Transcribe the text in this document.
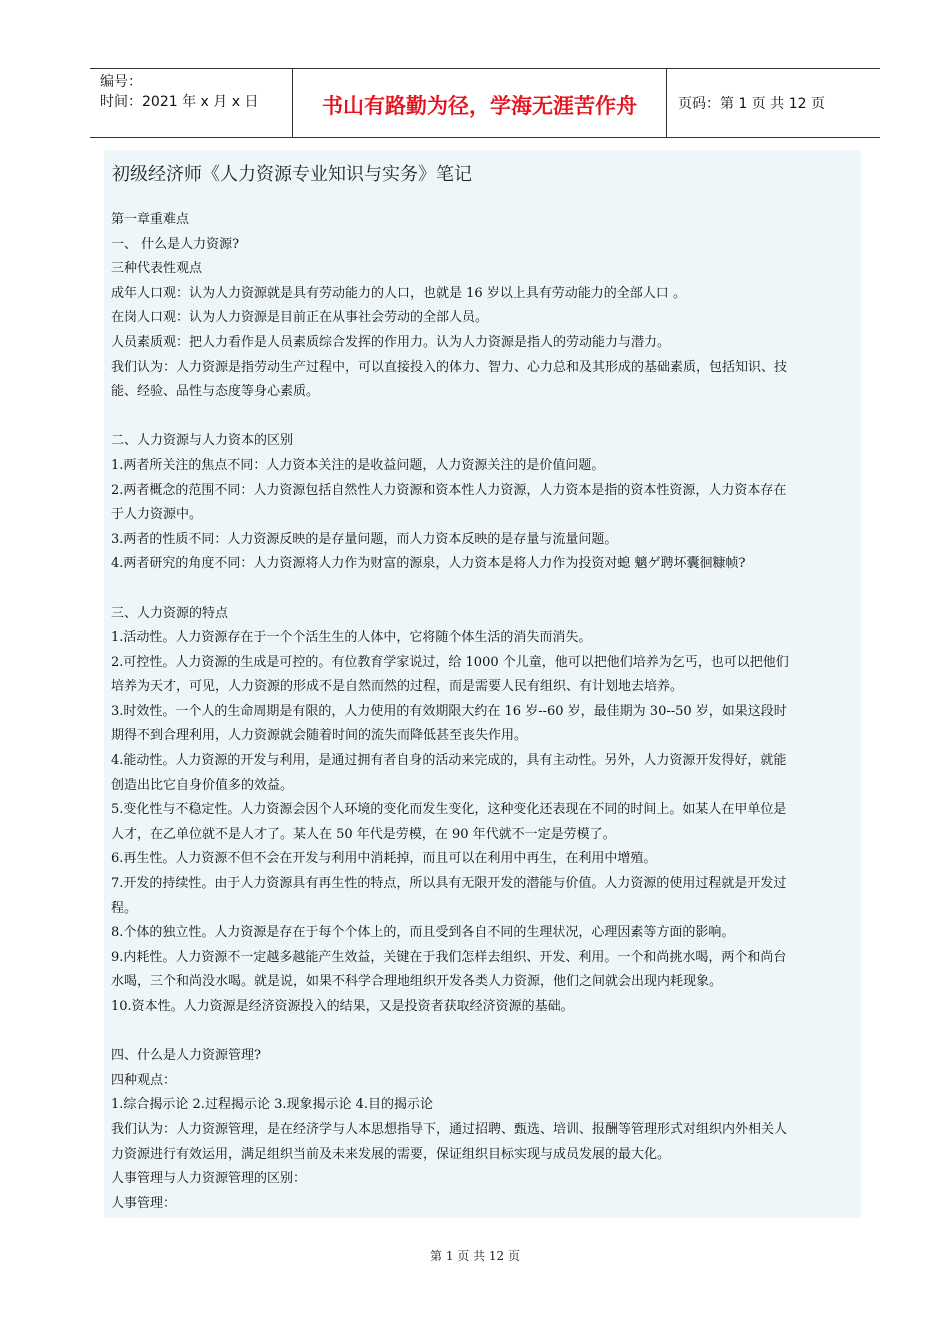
编号：
时间：2021 年 x 月 x 日	书山有路勤为径，学海无涯苦作舟	页码：第 1 页 共 12 页
初级经济师《人力资源专业知识与实务》笔记
第一章重难点
一、 什么是人力资源?
三种代表性观点
成年人口观：认为人力资源就是具有劳动能力的人口，也就是 16 岁以上具有劳动能力的全部人口 。
在岗人口观：认为人力资源是目前正在从事社会劳动的全部人员。
人员素质观：把人力看作是人员素质综合发挥的作用力。认为人力资源是指人的劳动能力与潜力。
我们认为：人力资源是指劳动生产过程中，可以直接投入的体力、智力、心力总和及其形成的基础素质，包括知识、技
能、经验、品性与态度等身心素质。
二、人力资源与人力资本的区别
1.两者所关注的焦点不同：人力资本关注的是收益问题，人力资源关注的是价值问题。
2.两者概念的范围不同：人力资源包括自然性人力资源和资本性人力资源，人力资本是指的资本性资源，人力资本存在
于人力资源中。
3.两者的性质不同：人力资源反映的是存量问题，而人力资本反映的是存量与流量问题。
4.两者研究的角度不同：人力资源将人力作为财富的源泉，人力资本是将人力作为投资对螅 魑ゲ聘坏囊徊糠帧?
三、人力资源的特点
1.活动性。人力资源存在于一个个活生生的人体中，它将随个体生活的消失而消失。
2.可控性。人力资源的生成是可控的。有位教育学家说过，给 1000 个儿童，他可以把他们培养为乞丐，也可以把他们
培养为天才，可见，人力资源的形成不是自然而然的过程，而是需要人民有组织、有计划地去培养。
3.时效性。一个人的生命周期是有限的，人力使用的有效期限大约在 16 岁--60 岁，最佳期为 30--50 岁，如果这段时
期得不到合理利用，人力资源就会随着时间的流失而降低甚至丧失作用。
4.能动性。人力资源的开发与利用，是通过拥有者自身的活动来完成的，具有主动性。另外，人力资源开发得好，就能
创造出比它自身价值多的效益。
5.变化性与不稳定性。人力资源会因个人环境的变化而发生变化，这种变化还表现在不同的时间上。如某人在甲单位是
人才，在乙单位就不是人才了。某人在 50 年代是劳模，在 90 年代就不一定是劳模了。
6.再生性。人力资源不但不会在开发与利用中消耗掉，而且可以在利用中再生，在利用中增殖。
7.开发的持续性。由于人力资源具有再生性的特点，所以具有无限开发的潜能与价值。人力资源的使用过程就是开发过
程。
8.个体的独立性。人力资源是存在于每个个体上的，而且受到各自不同的生理状况，心理因素等方面的影响。
9.内耗性。人力资源不一定越多越能产生效益，关键在于我们怎样去组织、开发、利用。一个和尚挑水喝，两个和尚台
水喝，三个和尚没水喝。就是说，如果不科学合理地组织开发各类人力资源，他们之间就会出现内耗现象。
10.资本性。人力资源是经济资源投入的结果，又是投资者获取经济资源的基础。
四、什么是人力资源管理?
四种观点：
1.综合揭示论 2.过程揭示论 3.现象揭示论 4.目的揭示论
我们认为：人力资源管理，是在经济学与人本思想指导下，通过招聘、甄选、培训、报酬等管理形式对组织内外相关人
力资源进行有效运用，满足组织当前及未来发展的需要，保证组织目标实现与成员发展的最大化。
人事管理与人力资源管理的区别：
人事管理：
第 1 页 共 12 页
